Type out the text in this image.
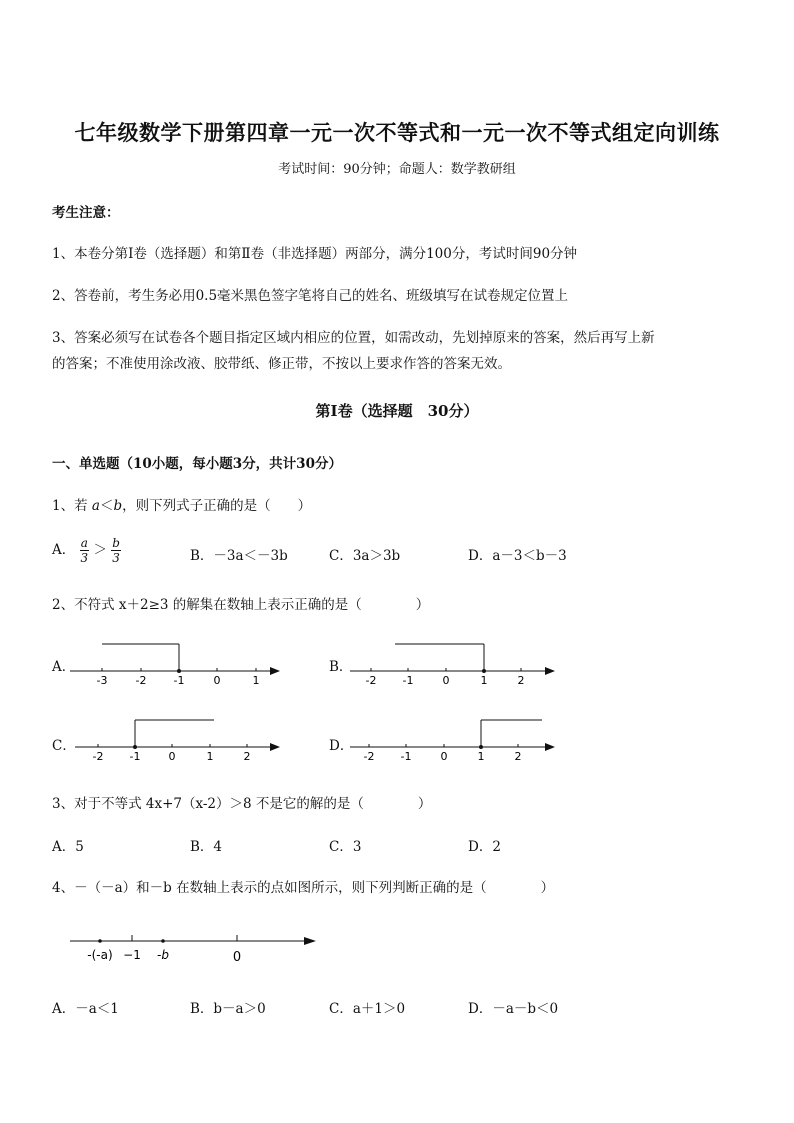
七年级数学下册第四章一元一次不等式和一元一次不等式组定向训练
考试时间：90分钟；命题人：数学教研组
考生注意：
1、本卷分第Ⅰ卷（选择题）和第Ⅱ卷（非选择题）两部分，满分100分，考试时间90分钟
2、答卷前，考生务必用0.5毫米黑色签字笔将自己的姓名、班级填写在试卷规定位置上
3、答案必须写在试卷各个题目指定区域内相应的位置，如需改动，先划掉原来的答案，然后再写上新
的答案；不准使用涂改液、胶带纸、修正带，不按以上要求作答的答案无效。
第Ⅰ卷（选择题　30分）
一、单选题（10小题，每小题3分，共计30分）
1、若 a＜b，则下列式子正确的是（　　）
A． $\frac{a}{3} > \frac{b}{3}$	B．－3a＜－3b	C．3a＞3b	D．a－3＜b－3
2、不符式 x＋2≥3 的解集在数轴上表示正确的是（　　　　）
A．
-3	-2 -1	0	1
B．
-2 -1	0	1	2
C．
-2 -1	0	1	2
D．
-2 -1	0	1	2
3、对于不等式 4x+7（x-2）＞8 不是它的解的是（　　　　）
A．5	B．4	C．3	D．2
4、－（－a）和－b 在数轴上表示的点如图所示，则下列判断正确的是（　　　　）
-(-a) −1 -b	0
A．－a＜1	B．b－a＞0	C．a＋1＞0	D．－a－b＜0
